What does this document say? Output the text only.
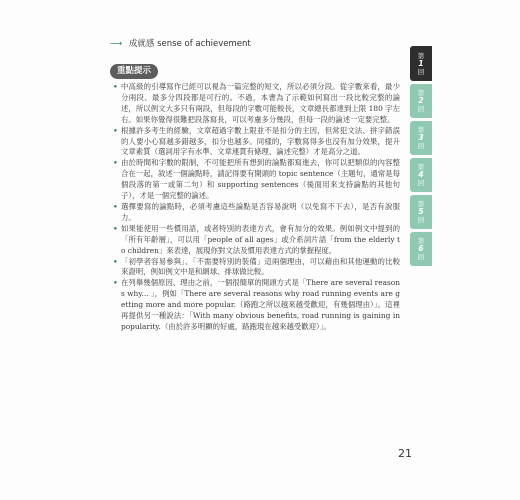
⟶ 成就感 sense of achievement
重點提示
• 中高級的引導寫作已經可以視為一篇完整的短文，所以必須分段。從字數來看，最少分兩段、最多分四段都是可行的。不過，本書為了示範如何寫出一段比較完整的論述，所以例文大多只有兩段，但每段的字數可能較長，文章總長都達到上限 180 字左右。如果你覺得很難把段落寫長，可以考慮多分幾段，但每一段的論述一定要完整。
• 根據許多考生的經驗，文章超過字數上限並不是扣分的主因，但常犯文法、拼字錯誤的人要小心寫越多錯越多，扣分也越多。同樣的，字數寫得多也沒有加分效果，提升文章素質（選詞用字有水準、文章連貫有條理、論述完整）才是高分之道。
• 由於時間和字數的限制，不可能把所有想到的論點都寫進去，你可以把類似的內容整合在一起，敘述一個論點時，請記得要有開頭的 topic sentence（主題句，通常是每個段落的第一或第二句）和 supporting sentences（後面用來支持論點的其他句子），才是一個完整的論述。
• 選擇要寫的論點時，必須考慮這些論點是否容易說明（以免寫不下去），是否有說服力。
• 如果能使用一些慣用語，或者特別的表達方式，會有加分的效果。例如例文中提到的「所有年齡層」，可以用「people of all ages」或介系詞片語「from the elderly to children」來表達，展現你對文法及慣用表達方式的掌握程度。
• 「初學者容易參與」、「不需要特別的裝備」這兩個理由，可以藉由和其他運動的比較來證明，例如例文中是和網球、排球做比較。
• 在列舉幾個原因、理由之前，一個很簡單的開頭方式是「There are several reasons why... 」，例如「There are several reasons why road running events are getting more and more popular.（路跑之所以越來越受歡迎，有幾個理由）」。這裡再提供另一種說法：「With many obvious benefits, road running is gaining in popularity.（由於許多明顯的好處，路跑現在越來越受歡迎）」。
第
1
回
第
2
回
第
3
回
第
4
回
第
5
回
第
6
回
21
